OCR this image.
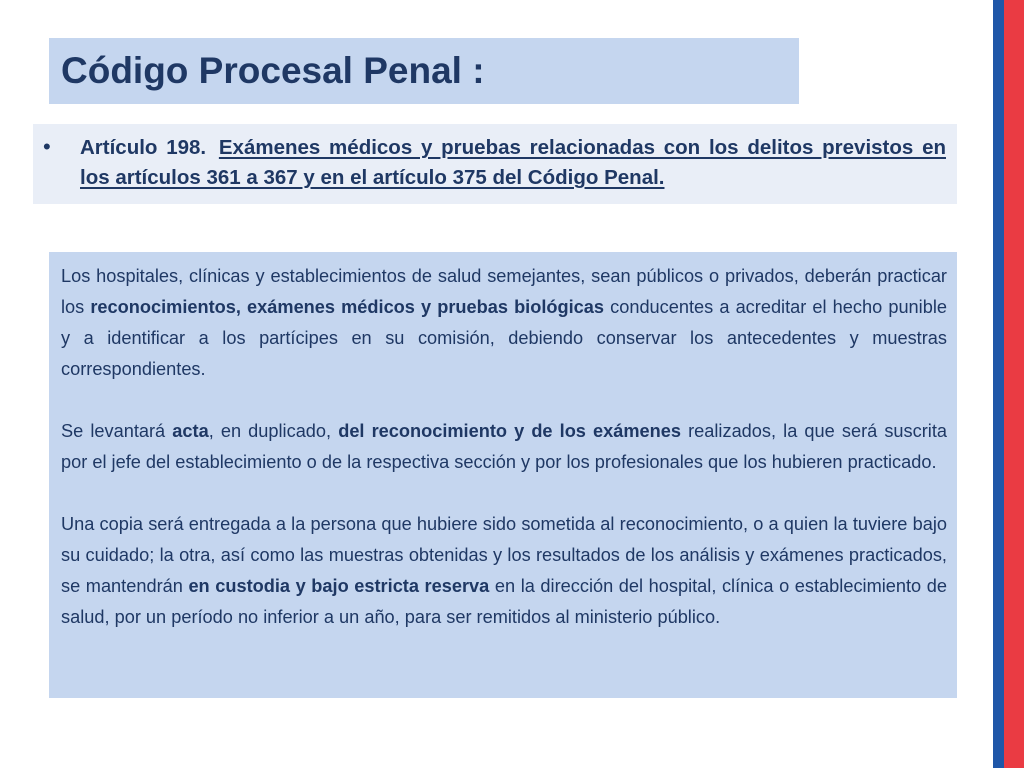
Código Procesal Penal :
• Artículo 198. Exámenes médicos y pruebas relacionadas con los delitos previstos en los artículos 361 a 367 y en el artículo 375 del Código Penal.

Los hospitales, clínicas y establecimientos de salud semejantes, sean públicos o privados, deberán practicar los reconocimientos, exámenes médicos y pruebas biológicas conducentes a acreditar el hecho punible y a identificar a los partícipes en su comisión, debiendo conservar los antecedentes y muestras correspondientes.

Se levantará acta, en duplicado, del reconocimiento y de los exámenes realizados, la que será suscrita por el jefe del establecimiento o de la respectiva sección y por los profesionales que los hubieren practicado.

Una copia será entregada a la persona que hubiere sido sometida al reconocimiento, o a quien la tuviere bajo su cuidado; la otra, así como las muestras obtenidas y los resultados de los análisis y exámenes practicados, se mantendrán en custodia y bajo estricta reserva en la dirección del hospital, clínica o establecimiento de salud, por un período no inferior a un año, para ser remitidos al ministerio público.
